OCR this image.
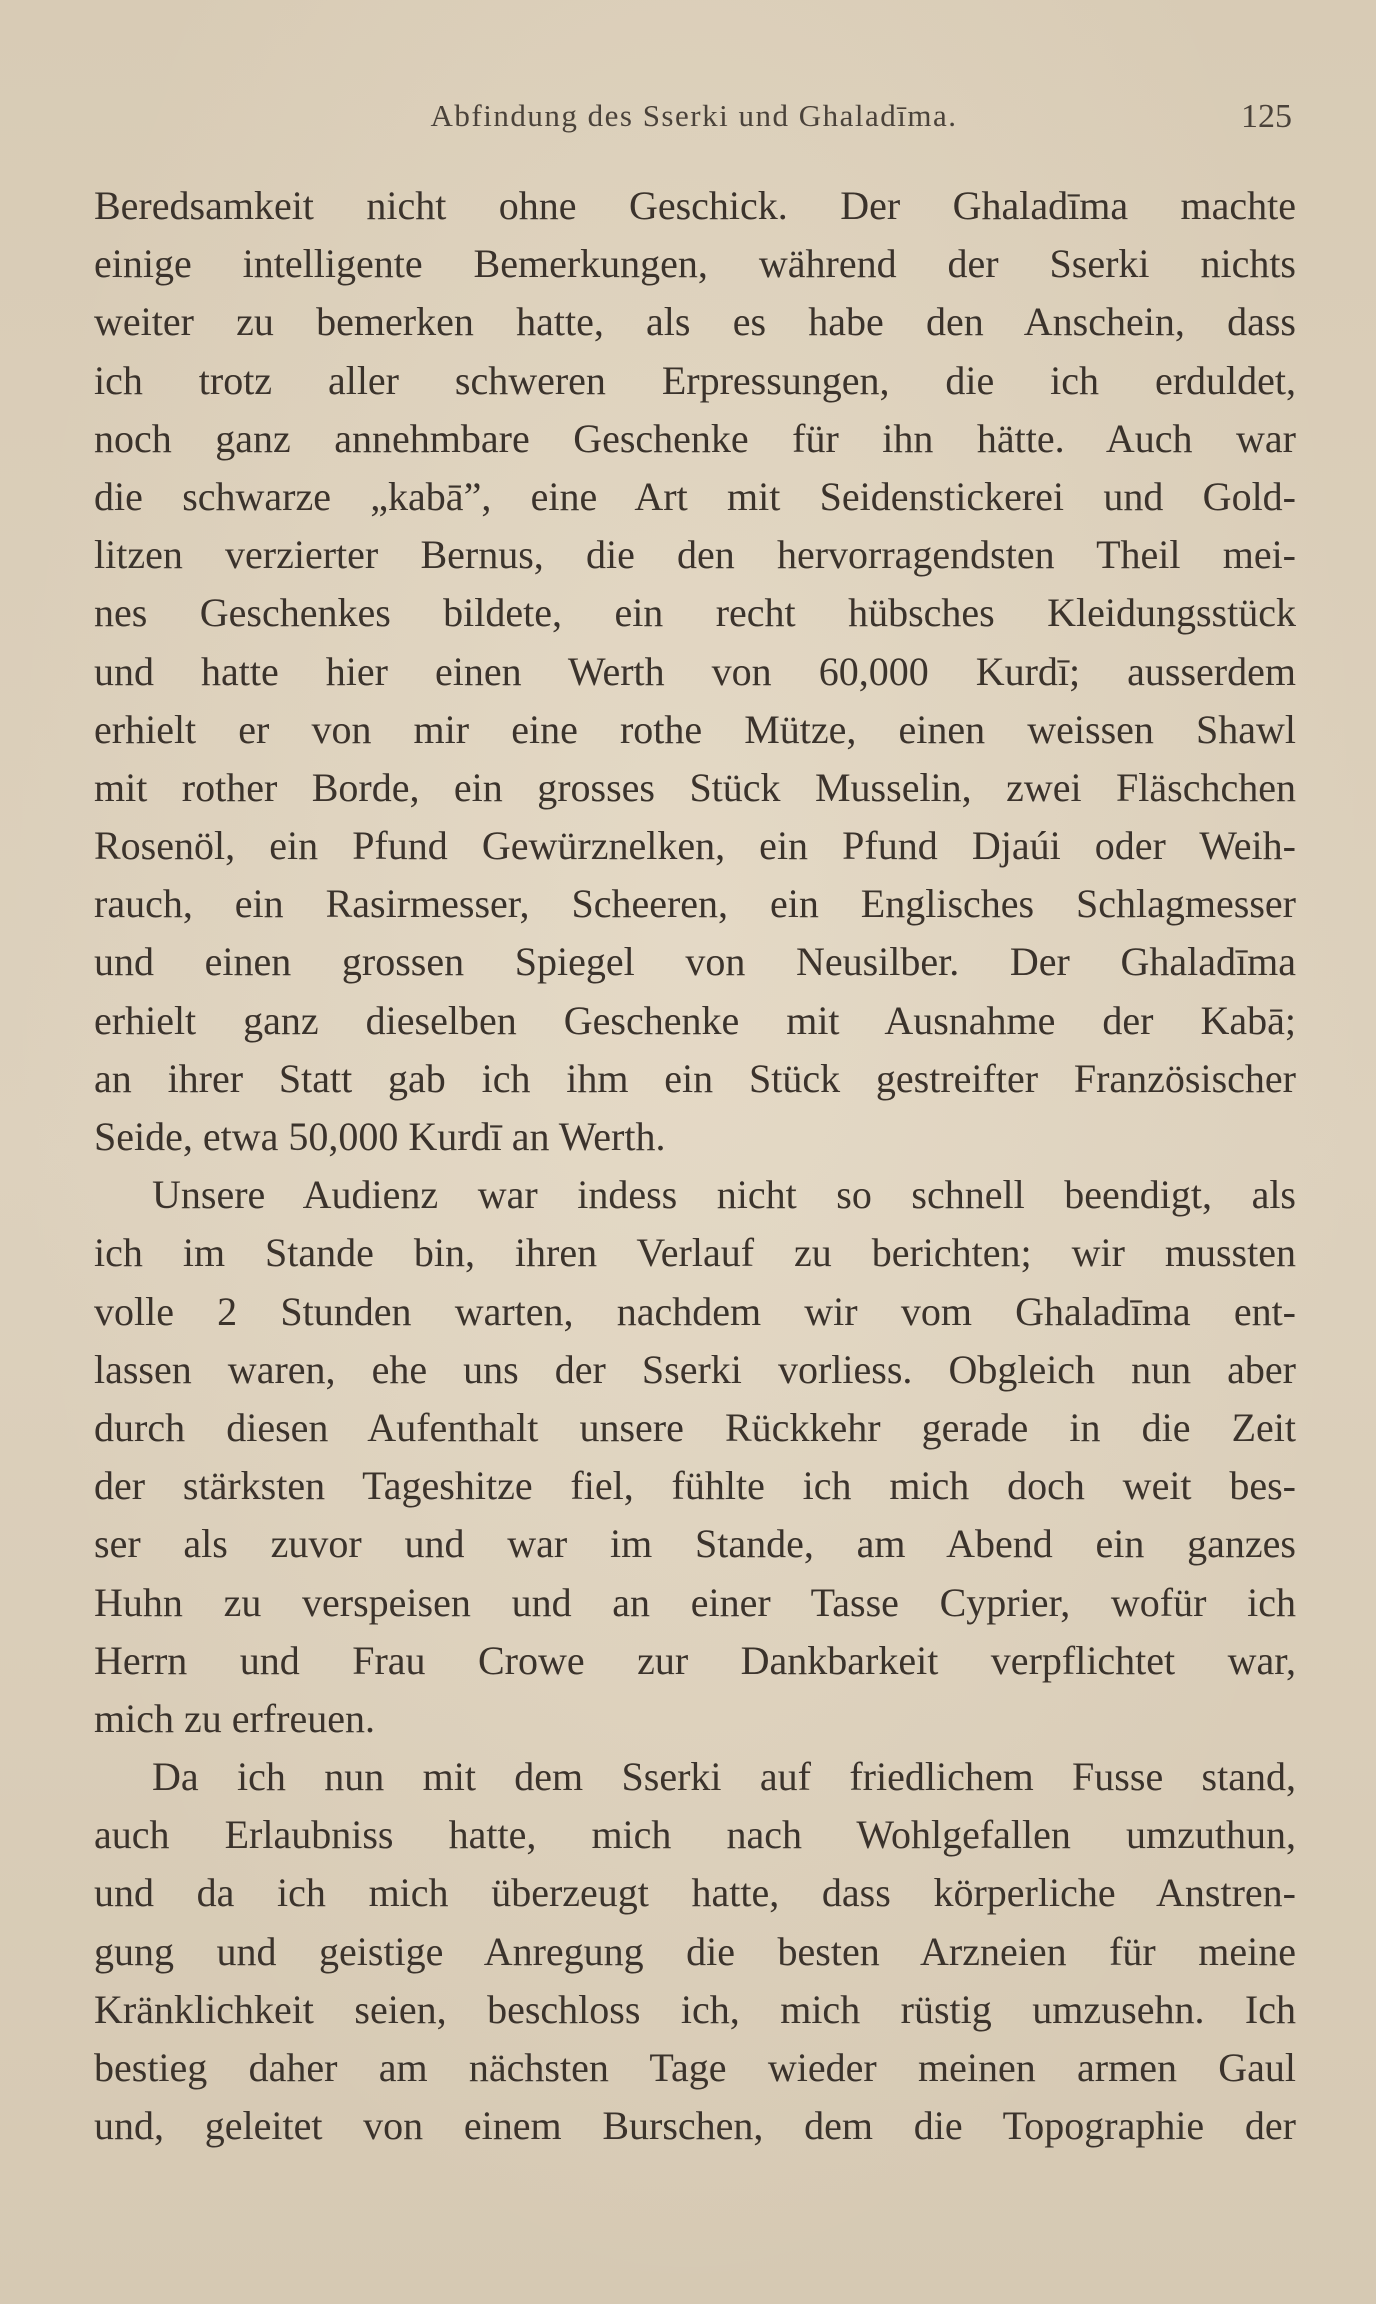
Abfindung des Sserki und Ghaladīma.	125
Beredsamkeit nicht ohne Geschick. Der Ghaladīma machte
einige intelligente Bemerkungen, während der Sserki nichts
weiter zu bemerken hatte, als es habe den Anschein, dass
ich trotz aller schweren Erpressungen, die ich erduldet,
noch ganz annehmbare Geschenke für ihn hätte. Auch war
die schwarze „kabā”, eine Art mit Seidenstickerei und Gold-
litzen verzierter Bernus, die den hervorragendsten Theil mei-
nes Geschenkes bildete, ein recht hübsches Kleidungsstück
und hatte hier einen Werth von 60,000 Kurdī; ausserdem
erhielt er von mir eine rothe Mütze, einen weissen Shawl
mit rother Borde, ein grosses Stück Musselin, zwei Fläschchen
Rosenöl, ein Pfund Gewürznelken, ein Pfund Djaúi oder Weih-
rauch, ein Rasirmesser, Scheeren, ein Englisches Schlagmesser
und einen grossen Spiegel von Neusilber. Der Ghaladīma
erhielt ganz dieselben Geschenke mit Ausnahme der Kabā;
an ihrer Statt gab ich ihm ein Stück gestreifter Französischer
Seide, etwa 50,000 Kurdī an Werth.
Unsere Audienz war indess nicht so schnell beendigt, als
ich im Stande bin, ihren Verlauf zu berichten; wir mussten
volle 2 Stunden warten, nachdem wir vom Ghaladīma ent-
lassen waren, ehe uns der Sserki vorliess. Obgleich nun aber
durch diesen Aufenthalt unsere Rückkehr gerade in die Zeit
der stärksten Tageshitze fiel, fühlte ich mich doch weit bes-
ser als zuvor und war im Stande, am Abend ein ganzes
Huhn zu verspeisen und an einer Tasse Cyprier, wofür ich
Herrn und Frau Crowe zur Dankbarkeit verpflichtet war,
mich zu erfreuen.
Da ich nun mit dem Sserki auf friedlichem Fusse stand,
auch Erlaubniss hatte, mich nach Wohlgefallen umzuthun,
und da ich mich überzeugt hatte, dass körperliche Anstren-
gung und geistige Anregung die besten Arzneien für meine
Kränklichkeit seien, beschloss ich, mich rüstig umzusehn. Ich
bestieg daher am nächsten Tage wieder meinen armen Gaul
und, geleitet von einem Burschen, dem die Topographie der
